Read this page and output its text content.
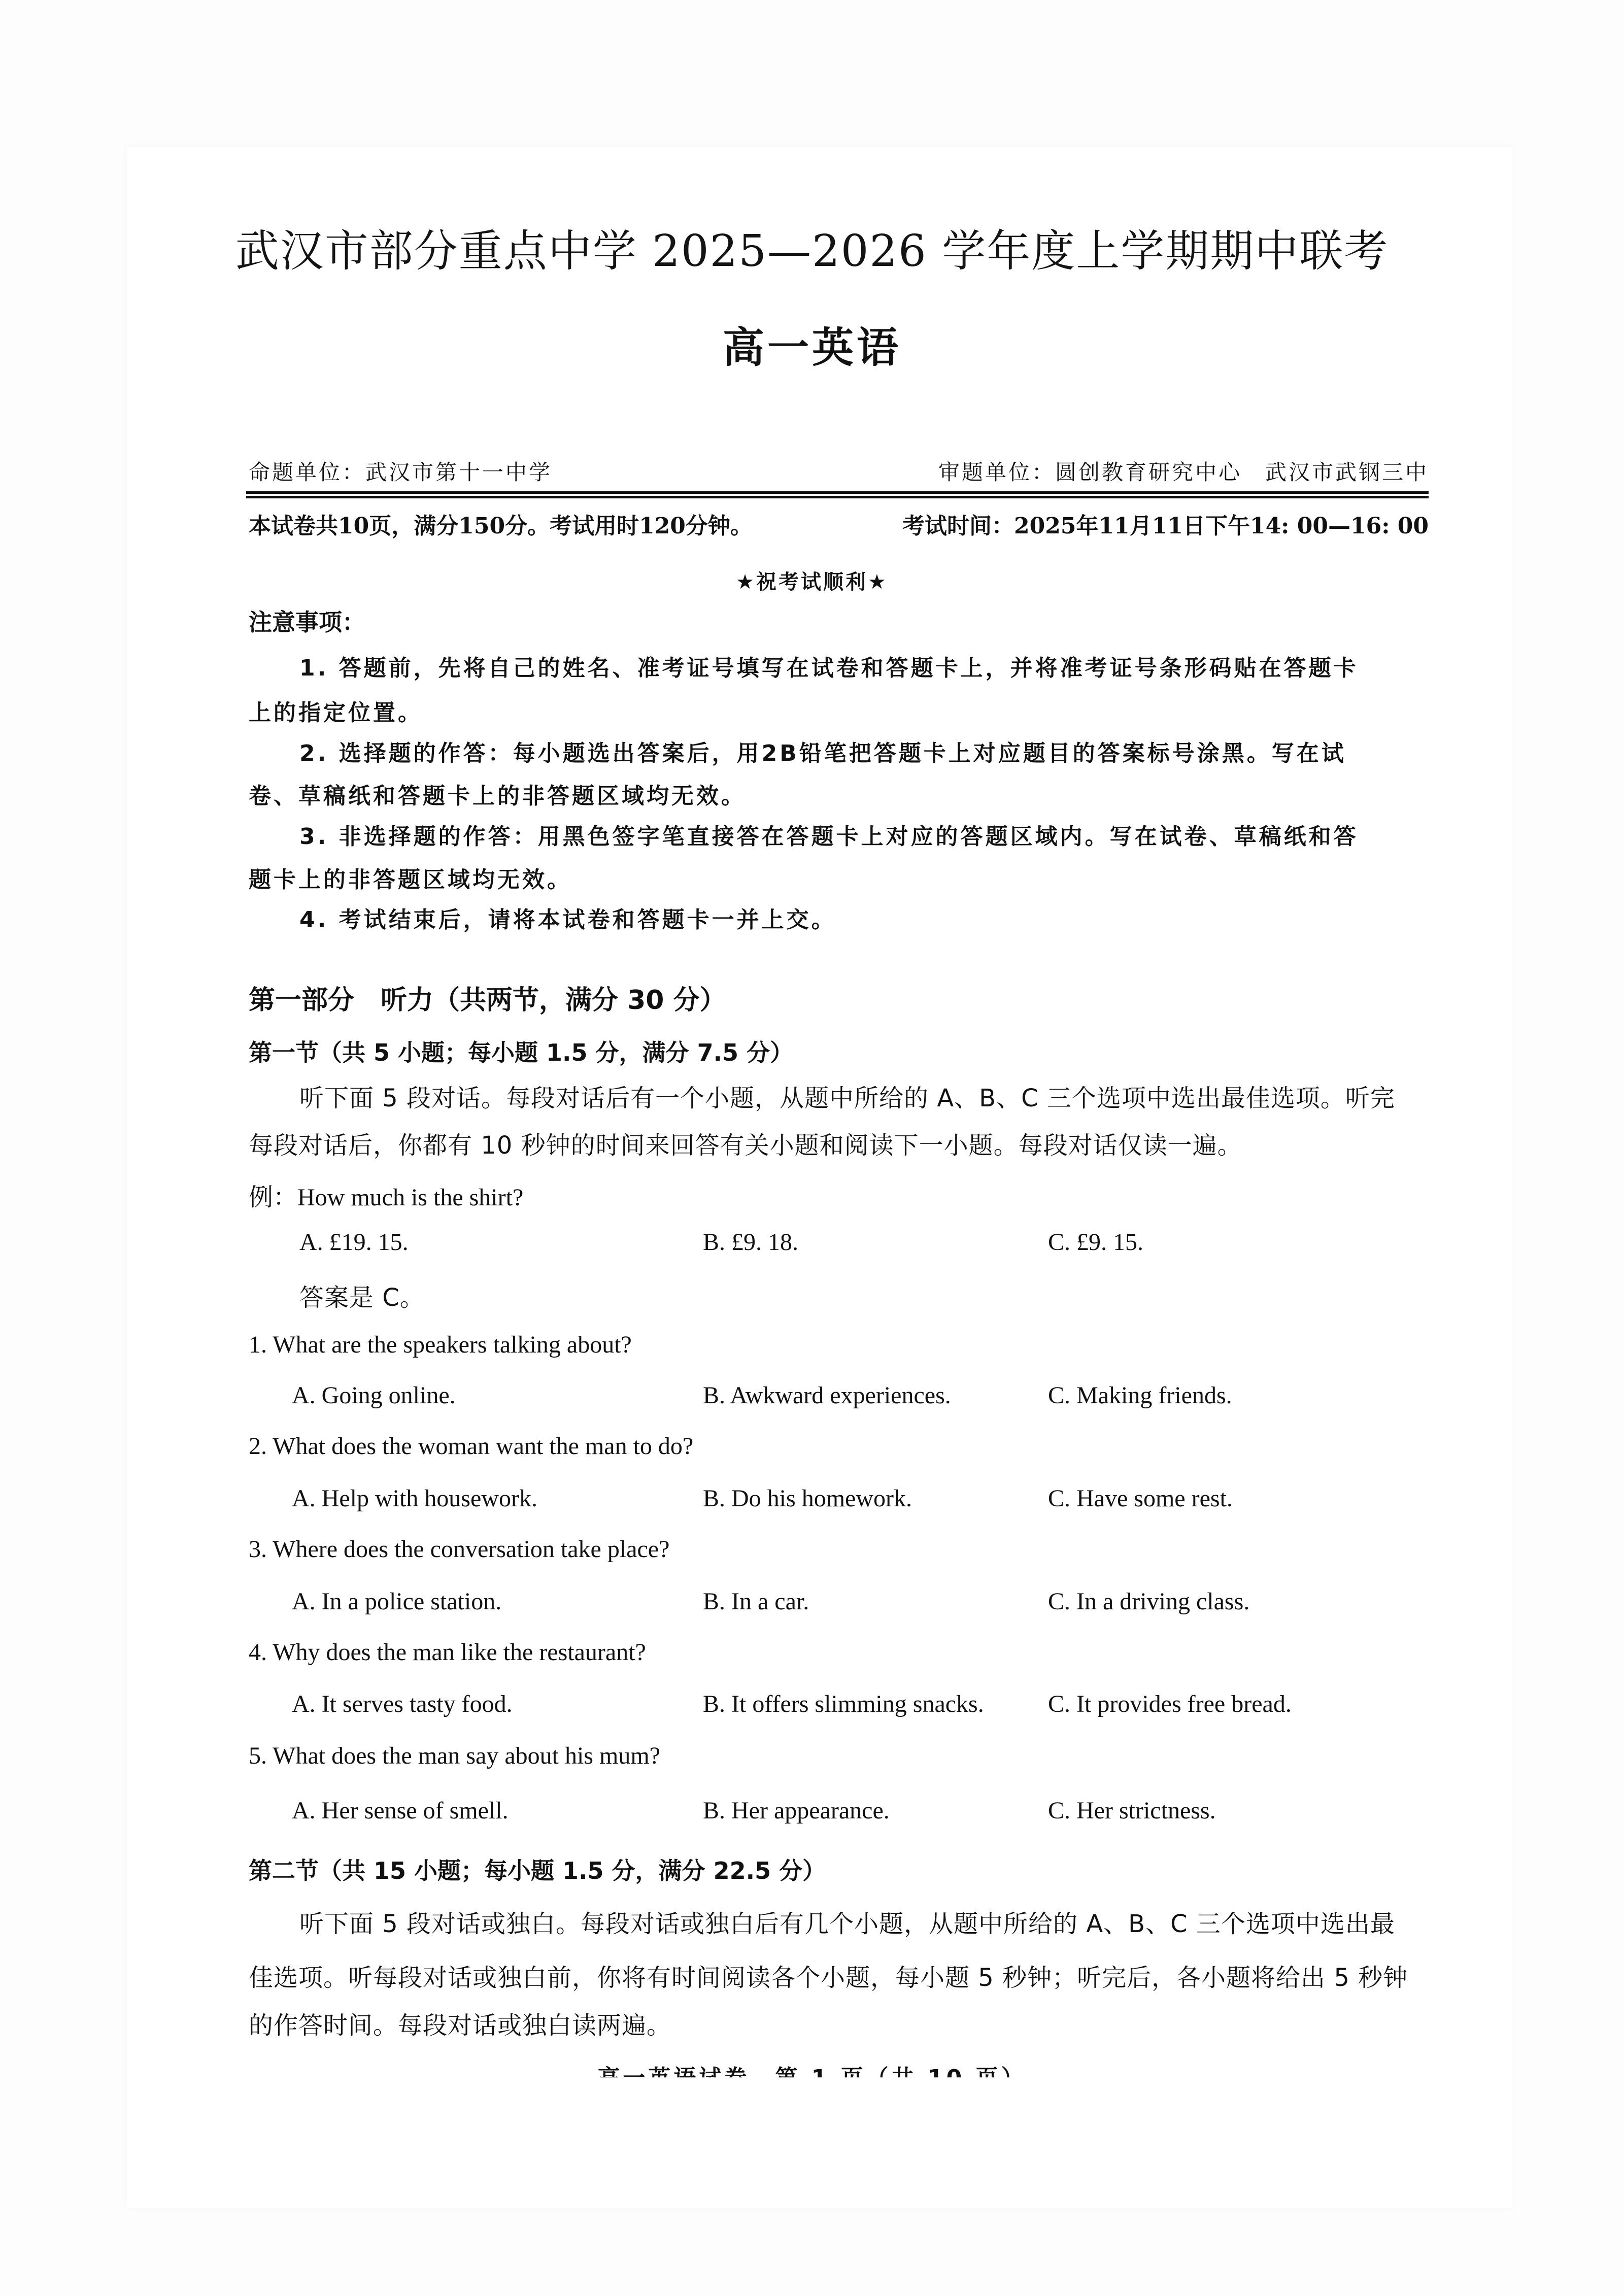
武汉市部分重点中学 2025—2026 学年度上学期期中联考
高一英语
命题单位：武汉市第十一中学	审题单位：圆创教育研究中心　武汉市武钢三中
本试卷共10页，满分150分。考试用时120分钟。	考试时间：2025年11月11日下午14: 00—16: 00
★祝考试顺利★
注意事项：
1. 答题前，先将自己的姓名、准考证号填写在试卷和答题卡上，并将准考证号条形码贴在答题卡
上的指定位置。
2. 选择题的作答：每小题选出答案后，用2B铅笔把答题卡上对应题目的答案标号涂黑。写在试
卷、草稿纸和答题卡上的非答题区域均无效。
3. 非选择题的作答：用黑色签字笔直接答在答题卡上对应的答题区域内。写在试卷、草稿纸和答
题卡上的非答题区域均无效。
4. 考试结束后，请将本试卷和答题卡一并上交。
第一部分　听力（共两节，满分 30 分）
第一节（共 5 小题；每小题 1.5 分，满分 7.5 分）
听下面 5 段对话。每段对话后有一个小题，从题中所给的 A、B、C 三个选项中选出最佳选项。听完
每段对话后，你都有 10 秒钟的时间来回答有关小题和阅读下一小题。每段对话仅读一遍。
例：How much is the shirt?
A. £19. 15.	B. £9. 18.	C. £9. 15.
答案是 C。
1. What are the speakers talking about?
A. Going online.	B. Awkward experiences.	C. Making friends.
2. What does the woman want the man to do?
A. Help with housework.	B. Do his homework.	C. Have some rest.
3. Where does the conversation take place?
A. In a police station.	B. In a car.	C. In a driving class.
4. Why does the man like the restaurant?
A. It serves tasty food.	B. It offers slimming snacks.	C. It provides free bread.
5. What does the man say about his mum?
A. Her sense of smell.	B. Her appearance.	C. Her strictness.
第二节（共 15 小题；每小题 1.5 分，满分 22.5 分）
听下面 5 段对话或独白。每段对话或独白后有几个小题，从题中所给的 A、B、C 三个选项中选出最
佳选项。听每段对话或独白前，你将有时间阅读各个小题，每小题 5 秒钟；听完后，各小题将给出 5 秒钟
的作答时间。每段对话或独白读两遍。
